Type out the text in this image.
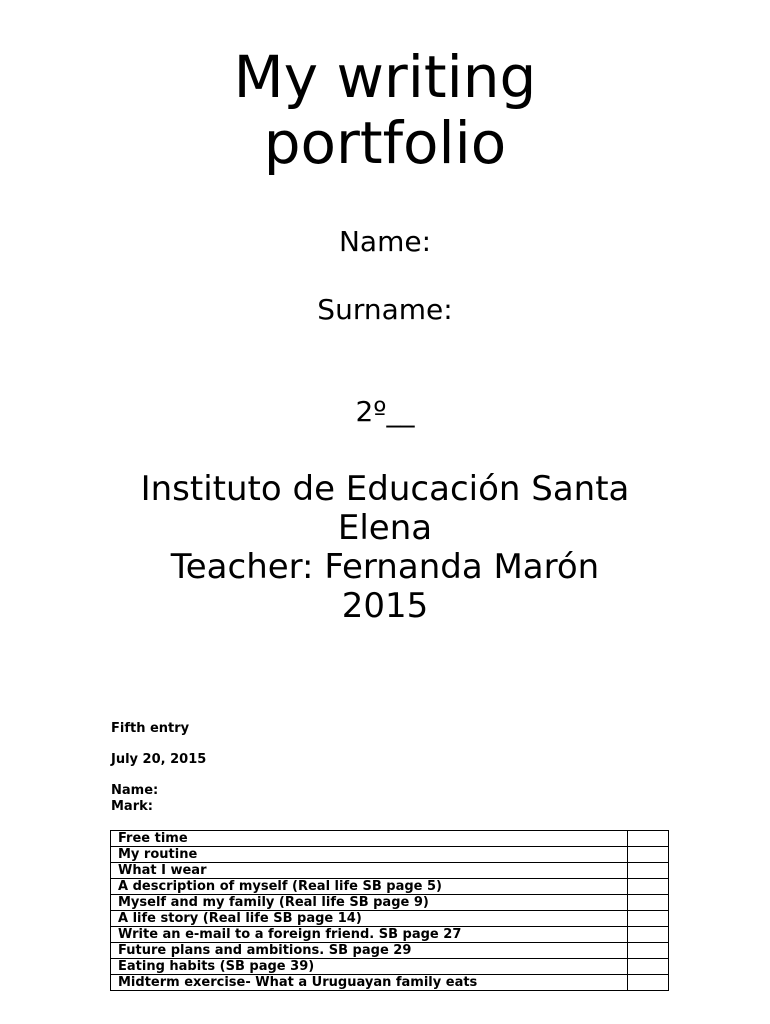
My writing
portfolio
Name:
Surname:
2º__
Instituto de Educación Santa
Elena
Teacher: Fernanda Marón
2015
Fifth entry
July 20, 2015
Name:
Mark:
Free time	
My routine	
What I wear	
A description of myself (Real life SB page 5)	
Myself and my family (Real life SB page 9)	
A life story (Real life SB page 14)	
Write an e-mail to a foreign friend. SB page 27	
Future plans and ambitions. SB page 29	
Eating habits (SB page 39)	
Midterm exercise- What a Uruguayan family eats	
